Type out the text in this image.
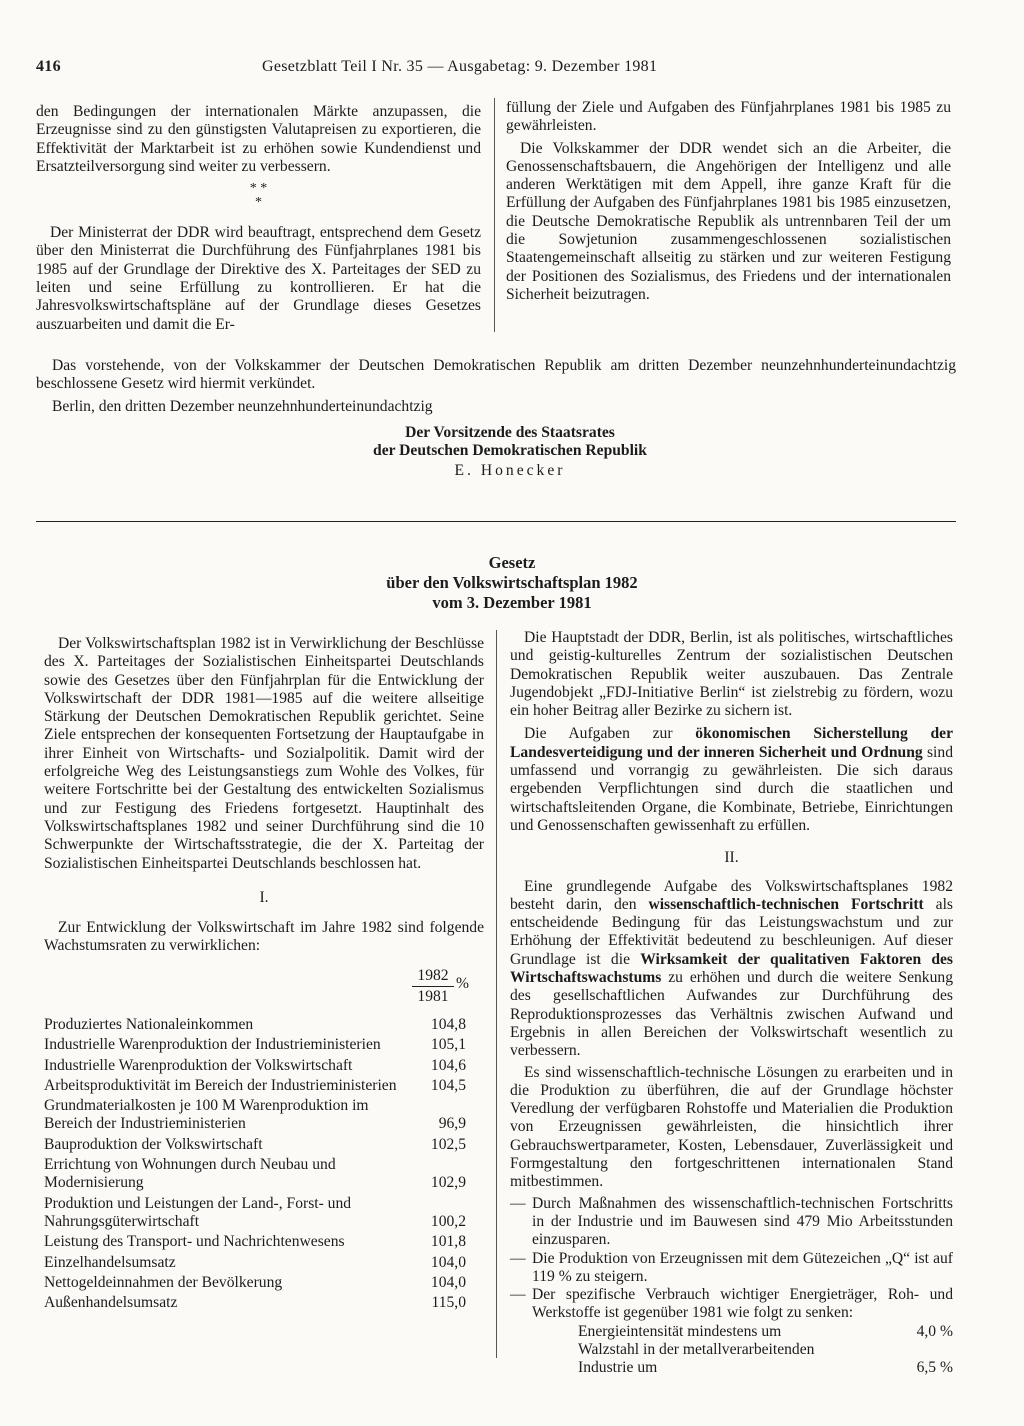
416	Gesetzblatt Teil I Nr. 35 — Ausgabetag: 9. Dezember 1981

den Bedingungen der internationalen Märkte anzupassen, die Erzeugnisse sind zu den günstigsten Valutapreisen zu exportieren, die Effektivität der Marktarbeit ist zu erhöhen sowie Kundendienst und Ersatzteilversorgung sind weiter zu verbessern.

* *
*

Der Ministerrat der DDR wird beauftragt, entsprechend dem Gesetz über den Ministerrat die Durchführung des Fünfjahrplanes 1981 bis 1985 auf der Grundlage der Direktive des X. Parteitages der SED zu leiten und seine Erfüllung zu kontrollieren. Er hat die Jahresvolkswirtschaftspläne auf der Grundlage dieses Gesetzes auszuarbeiten und damit die Er-

füllung der Ziele und Aufgaben des Fünfjahrplanes 1981 bis 1985 zu gewährleisten.

Die Volkskammer der DDR wendet sich an die Arbeiter, die Genossenschaftsbauern, die Angehörigen der Intelligenz und alle anderen Werktätigen mit dem Appell, ihre ganze Kraft für die Erfüllung der Aufgaben des Fünfjahrplanes 1981 bis 1985 einzusetzen, die Deutsche Demokratische Republik als untrennbaren Teil der um die Sowjetunion zusammengeschlossenen sozialistischen Staatengemeinschaft allseitig zu stärken und zur weiteren Festigung der Positionen des Sozialismus, des Friedens und der internationalen Sicherheit beizutragen.

Das vorstehende, von der Volkskammer der Deutschen Demokratischen Republik am dritten Dezember neunzehnhunderteinundachtzig beschlossene Gesetz wird hiermit verkündet.
Berlin, den dritten Dezember neunzehnhunderteinundachtzig
Der Vorsitzende des Staatsrates
der Deutschen Demokratischen Republik
E. Honecker
Gesetz
über den Volkswirtschaftsplan 1982
vom 3. Dezember 1981

Der Volkswirtschaftsplan 1982 ist in Verwirklichung der Beschlüsse des X. Parteitages der Sozialistischen Einheitspartei Deutschlands sowie des Gesetzes über den Fünfjahrplan für die Entwicklung der Volkswirtschaft der DDR 1981—1985 auf die weitere allseitige Stärkung der Deutschen Demokratischen Republik gerichtet. Seine Ziele entsprechen der konsequenten Fortsetzung der Hauptaufgabe in ihrer Einheit von Wirtschafts- und Sozialpolitik. Damit wird der erfolgreiche Weg des Leistungsanstiegs zum Wohle des Volkes, für weitere Fortschritte bei der Gestaltung des entwickelten Sozialismus und zur Festigung des Friedens fortgesetzt. Hauptinhalt des Volkswirtschaftsplanes 1982 und seiner Durchführung sind die 10 Schwerpunkte der Wirtschaftsstrategie, die der X. Parteitag der Sozialistischen Einheitspartei Deutschlands beschlossen hat.

I.

Zur Entwicklung der Volkswirtschaft im Jahre 1982 sind folgende Wachstumsraten zu verwirklichen:

1982
1981
%
Produziertes Nationaleinkommen	104,8
Industrielle Warenproduktion der Industrieministerien	105,1
Industrielle Warenproduktion der Volkswirtschaft	104,6
Arbeitsproduktivität im Bereich der Industrieministerien	104,5
Grundmaterialkosten je 100 M Warenproduktion im Bereich der Industrieministerien	96,9
Bauproduktion der Volkswirtschaft	102,5
Errichtung von Wohnungen durch Neubau und Modernisierung	102,9
Produktion und Leistungen der Land-, Forst- und Nahrungsgüterwirtschaft	100,2
Leistung des Transport- und Nachrichtenwesens	101,8
Einzelhandelsumsatz	104,0
Nettogeldeinnahmen der Bevölkerung	104,0
Außenhandelsumsatz	115,0

Die Hauptstadt der DDR, Berlin, ist als politisches, wirtschaftliches und geistig-kulturelles Zentrum der sozialistischen Deutschen Demokratischen Republik weiter auszubauen. Das Zentrale Jugendobjekt „FDJ-Initiative Berlin“ ist zielstrebig zu fördern, wozu ein hoher Beitrag aller Bezirke zu sichern ist.

Die Aufgaben zur ökonomischen Sicherstellung der Landesverteidigung und der inneren Sicherheit und Ordnung sind umfassend und vorrangig zu gewährleisten. Die sich daraus ergebenden Verpflichtungen sind durch die staatlichen und wirtschaftsleitenden Organe, die Kombinate, Betriebe, Einrichtungen und Genossenschaften gewissenhaft zu erfüllen.

II.

Eine grundlegende Aufgabe des Volkswirtschaftsplanes 1982 besteht darin, den wissenschaftlich-technischen Fortschritt als entscheidende Bedingung für das Leistungswachstum und zur Erhöhung der Effektivität bedeutend zu beschleunigen. Auf dieser Grundlage ist die Wirksamkeit der qualitativen Faktoren des Wirtschaftswachstums zu erhöhen und durch die weitere Senkung des gesellschaftlichen Aufwandes zur Durchführung des Reproduktionsprozesses das Verhältnis zwischen Aufwand und Ergebnis in allen Bereichen der Volkswirtschaft wesentlich zu verbessern.

Es sind wissenschaftlich-technische Lösungen zu erarbeiten und in die Produktion zu überführen, die auf der Grundlage höchster Veredlung der verfügbaren Rohstoffe und Materialien die Produktion von Erzeugnissen gewährleisten, die hinsichtlich ihrer Gebrauchswertparameter, Kosten, Lebensdauer, Zuverlässigkeit und Formgestaltung den fortgeschrittenen internationalen Stand mitbestimmen.

— Durch Maßnahmen des wissenschaftlich-technischen Fortschritts in der Industrie und im Bauwesen sind 479 Mio Arbeitsstunden einzusparen.
— Die Produktion von Erzeugnissen mit dem Gütezeichen „Q“ ist auf 119 % zu steigern.
— Der spezifische Verbrauch wichtiger Energieträger, Roh- und Werkstoffe ist gegenüber 1981 wie folgt zu senken:
Energieintensität mindestens um	4,0 %
Walzstahl in der metallverarbeitenden Industrie um	6,5 %
